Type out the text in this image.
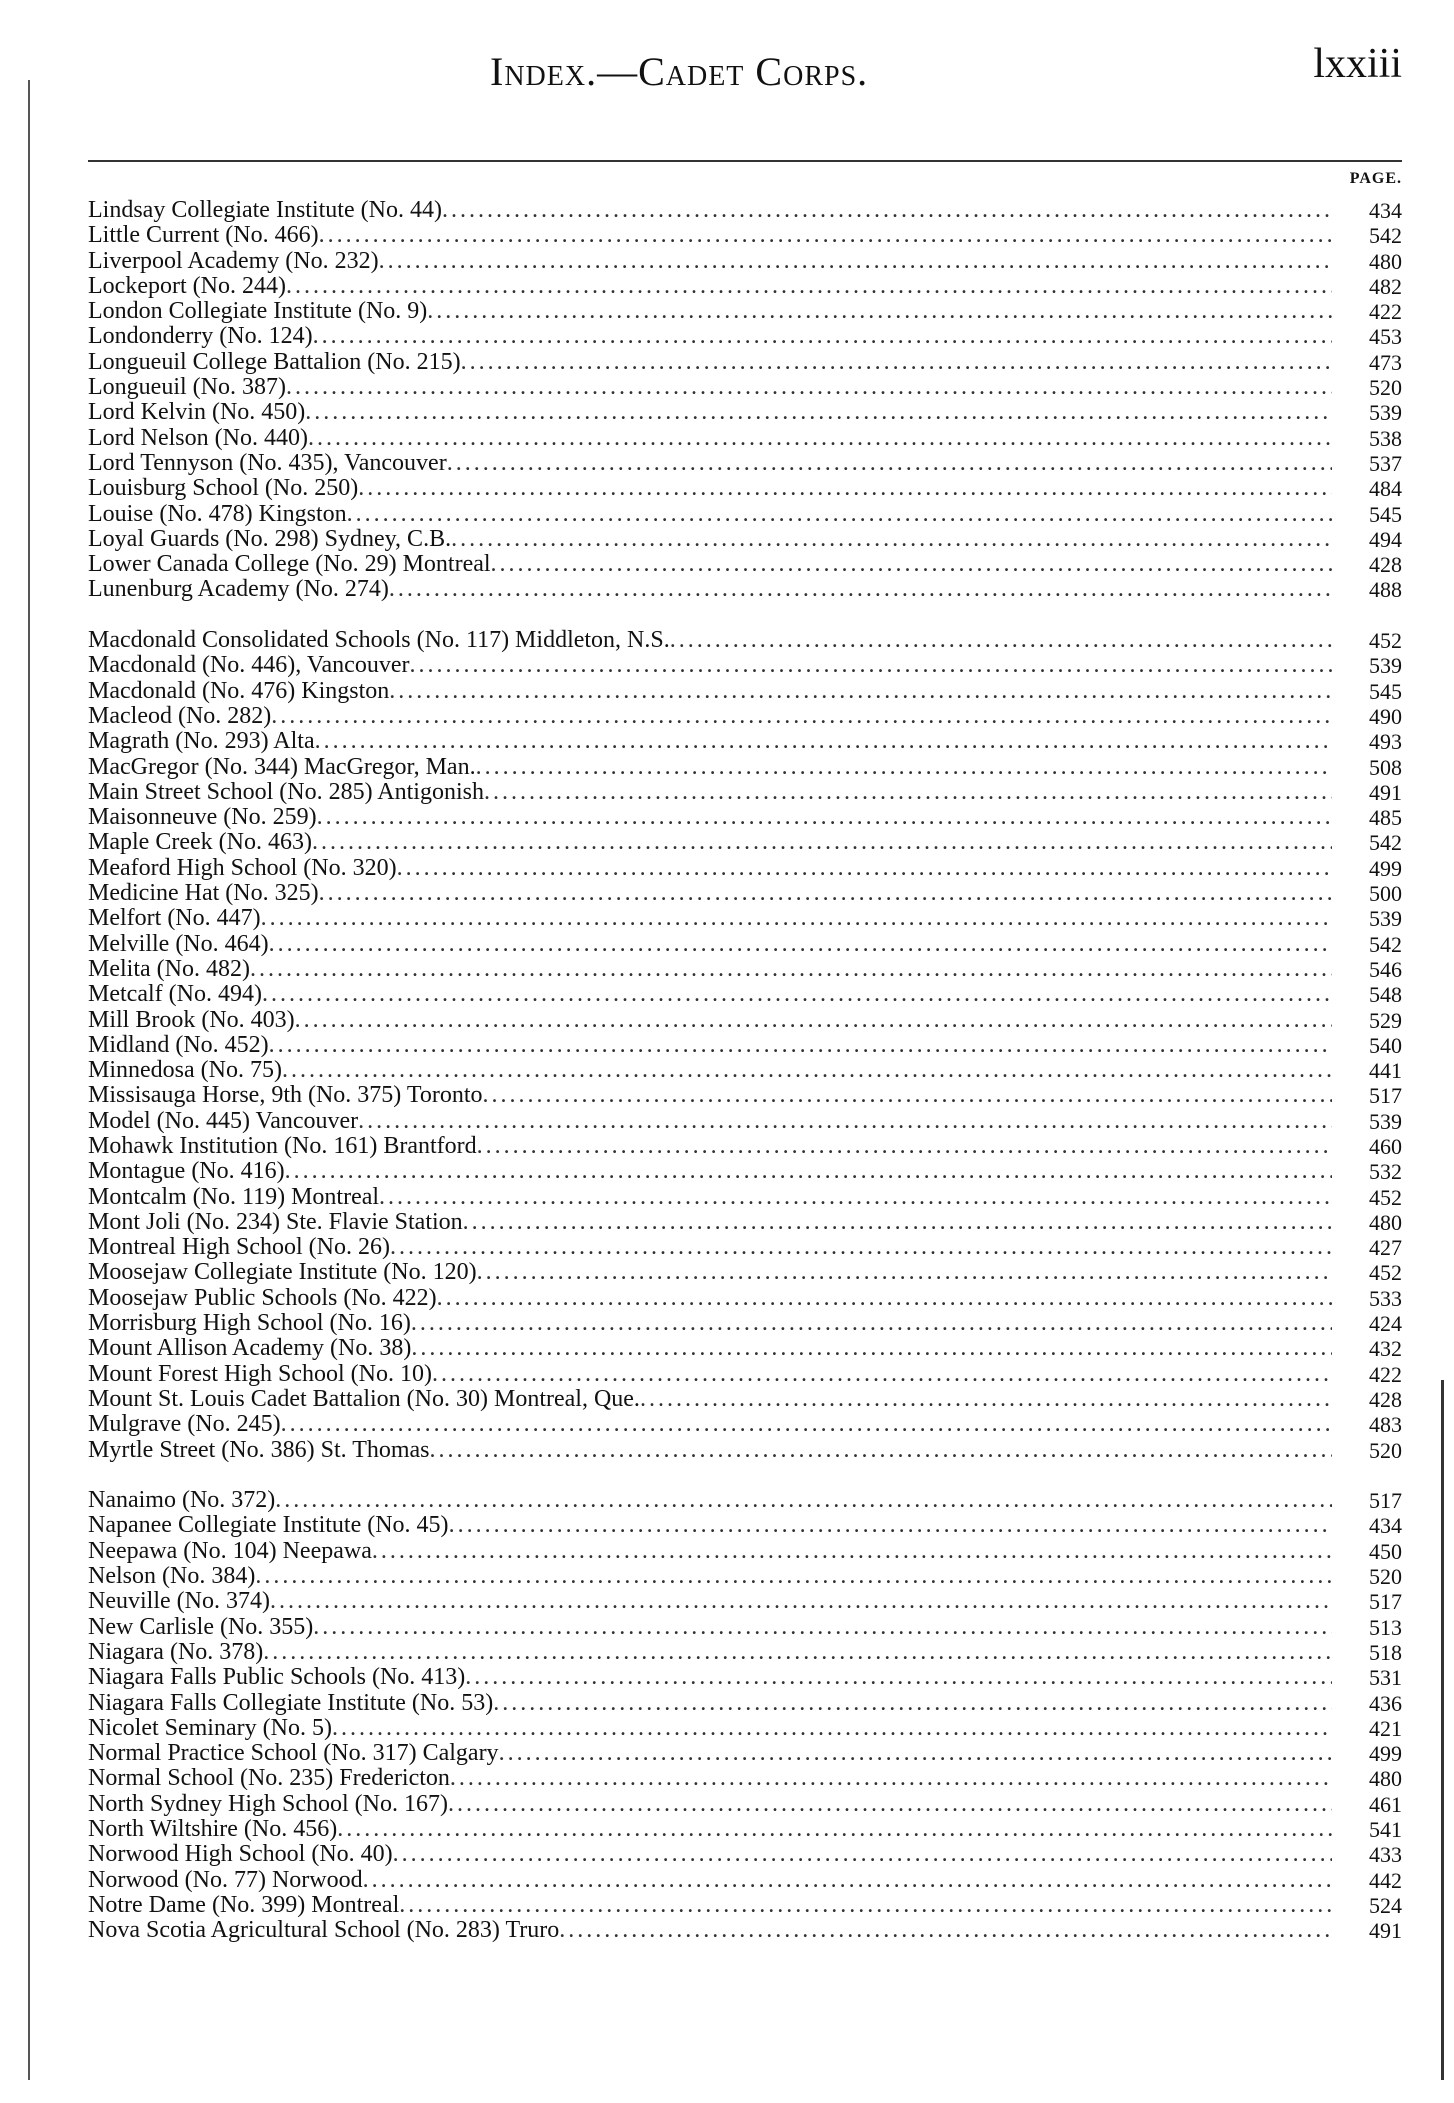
Index.—Cadet Corps.	lxxiii
PAGE.
Lindsay Collegiate Institute (No. 44)
.....
Little Current (No. 466)
.....
Liverpool Academy (No. 232)
.....
Lockeport (No. 244)
.....
London Collegiate Institute (No. 9)
.....
Londonderry (No. 124)
.....
Longueuil College Battalion (No. 215)
.....
Longueuil (No. 387)
.....
Lord Kelvin (No. 450)
.....
Lord Nelson (No. 440)
.....
Lord Tennyson (No. 435), Vancouver
.....
Louisburg School (No. 250)
.....
Louise (No. 478) Kingston
.....
Loyal Guards (No. 298) Sydney, C.B.
.....
Lower Canada College (No. 29) Montreal
.....
Lunenburg Academy (No. 274)
.....
Macdonald Consolidated Schools (No. 117) Middleton, N.S.
.....
Macdonald (No. 446), Vancouver
.....
Macdonald (No. 476) Kingston
.....
Macleod (No. 282)
.....
Magrath (No. 293) Alta
.....
MacGregor (No. 344) MacGregor, Man.
.....
Main Street School (No. 285) Antigonish
.....
Maisonneuve (No. 259)
.....
Maple Creek (No. 463)
.....
Meaford High School (No. 320)
.....
Medicine Hat (No. 325)
.....
Melfort (No. 447)
.....
Melville (No. 464)
.....
Melita (No. 482)
.....
Metcalf (No. 494)
.....
Mill Brook (No. 403)
.....
Midland (No. 452)
.....
Minnedosa (No. 75)
.....
Missisauga Horse, 9th (No. 375) Toronto
.....
Model (No. 445) Vancouver
.....
Mohawk Institution (No. 161) Brantford
.....
Montague (No. 416)
.....
Montcalm (No. 119) Montreal
.....
Mont Joli (No. 234) Ste. Flavie Station
.....
Montreal High School (No. 26)
.....
Moosejaw Collegiate Institute (No. 120)
.....
Moosejaw Public Schools (No. 422)
.....
Morrisburg High School (No. 16)
.....
Mount Allison Academy (No. 38)
.....
Mount Forest High School (No. 10)
.....
Mount St. Louis Cadet Battalion (No. 30) Montreal, Que.
.....
Mulgrave (No. 245)
.....
Myrtle Street (No. 386) St. Thomas
.....
Nanaimo (No. 372)
.....
Napanee Collegiate Institute (No. 45)
.....
Neepawa (No. 104) Neepawa
.....
Nelson (No. 384)
.....
Neuville (No. 374)
.....
New Carlisle (No. 355)
.....
Niagara (No. 378)
.....
Niagara Falls Public Schools (No. 413)
.....
Niagara Falls Collegiate Institute (No. 53)
.....
Nicolet Seminary (No. 5)
.....
Normal Practice School (No. 317) Calgary
.....
Normal School (No. 235) Fredericton
.....
North Sydney High School (No. 167)
.....
North Wiltshire (No. 456)
.....
Norwood High School (No. 40)
.....
Norwood (No. 77) Norwood
.....
Notre Dame (No. 399) Montreal
.....
Nova Scotia Agricultural School (No. 283) Truro
.....
434
542
480
482
422
453
473
520
539
538
537
484
545
494
428
488
452
539
545
490
493
508
491
485
542
499
500
539
542
546
548
529
540
441
517
539
460
532
452
480
427
452
533
424
432
422
428
483
520
517
434
450
520
517
513
518
531
436
421
499
480
461
541
433
442
524
491
